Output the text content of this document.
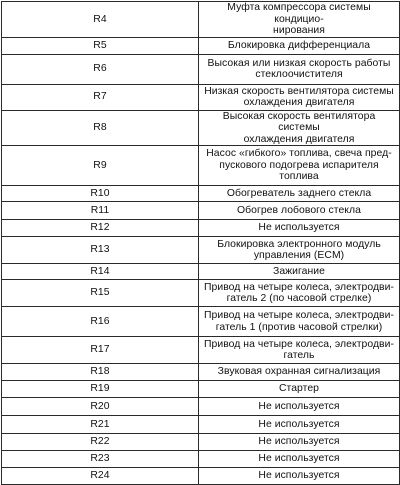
R4	Муфта компрессора системы кондицио-
нирования
R5	Блокировка дифференциала
R6	Высокая или низкая скорость работы
стеклоочистителя
R7	Низкая скорость вентилятора системы
охлаждения двигателя
R8	Высокая скорость вентилятора системы
охлаждения двигателя
R9	Насос «гибкого» топлива, свеча пред-
пускового подогрева испарителя
топлива
R10	Обогреватель заднего стекла
R11	Обогрев лобового стекла
R12	Не используется
R13	Блокировка электронного модуль
управления (ECM)
R14	Зажигание
R15	Привод на четыре колеса, электродви-
гатель 2 (по часовой стрелке)
R16	Привод на четыре колеса, электродви-
гатель 1 (против часовой стрелки)
R17	Привод на четыре колеса, электродви-
гатель
R18	Звуковая охранная сигнализация
R19	Стартер
R20	Не используется
R21	Не используется
R22	Не используется
R23	Не используется
R24	Не используется
